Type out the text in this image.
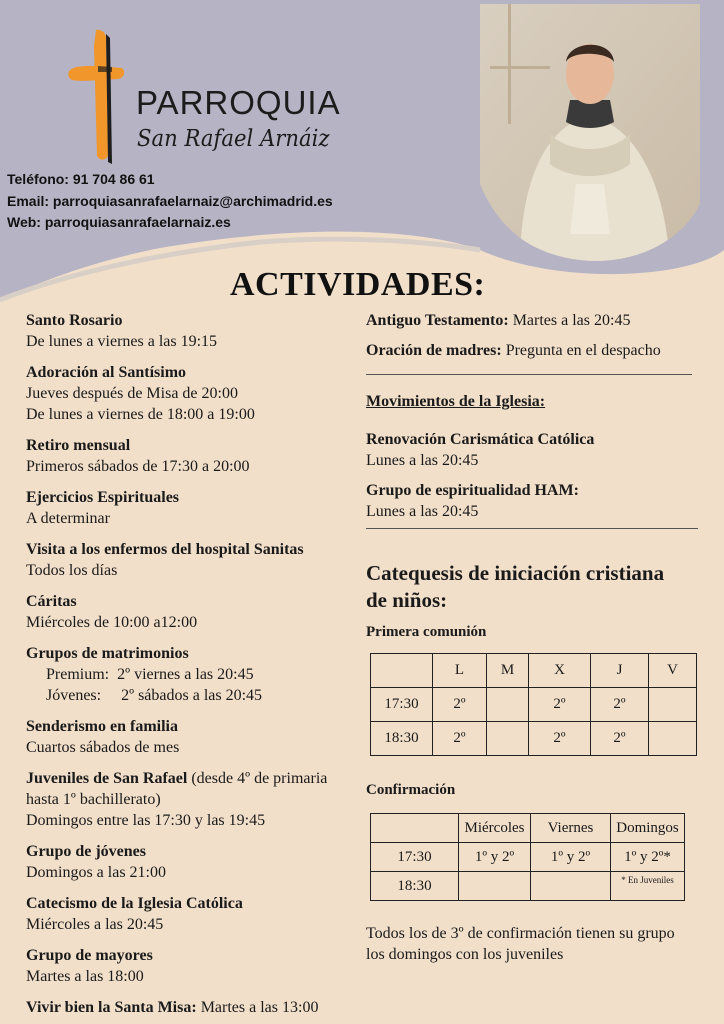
PARROQUIA
San Rafael Arnáiz
Teléfono: 91 704 86 61
Email: parroquiasanrafaelarnaiz@archimadrid.es
Web: parroquiasanrafaelarnaiz.es
ACTIVIDADES:
Santo Rosario
De lunes a viernes a las 19:15
Adoración al Santísimo
Jueves después de Misa de 20:00
De lunes a viernes de 18:00 a 19:00
Retiro mensual
Primeros sábados de 17:30 a 20:00
Ejercicios Espirituales
A determinar
Visita a los enfermos del hospital Sanitas
Todos los días
Cáritas
Miércoles de 10:00 a12:00
Grupos de matrimonios
Premium:  2º viernes a las 20:45
Jóvenes:     2º sábados a las 20:45
Senderismo en familia
Cuartos sábados de mes
Juveniles de San Rafael (desde 4º de primaria hasta 1º bachillerato)
Domingos entre las 17:30 y las 19:45
Grupo de jóvenes
Domingos a las 21:00
Catecismo de la Iglesia Católica
Miércoles a las 20:45
Grupo de mayores
Martes a las 18:00
Vivir bien la Santa Misa: Martes a las 13:00
Antiguo Testamento: Martes a las 20:45
Oración de madres: Pregunta en el despacho
Movimientos de la Iglesia:
Renovación Carismática Católica
Lunes a las 20:45
Grupo de espiritualidad HAM:
Lunes a las 20:45
Catequesis de iniciación cristiana
de niños:
Primera comunión
	L	M	X	J	V
17:30	2º		2º	2º	
18:30	2º		2º	2º	
Confirmación
	Miércoles	Viernes	Domingos
17:30	1º y 2º	1º y 2º	1º y 2º*
18:30			* En Juveniles
Todos los de 3º de confirmación tienen su grupo los domingos con los juveniles
